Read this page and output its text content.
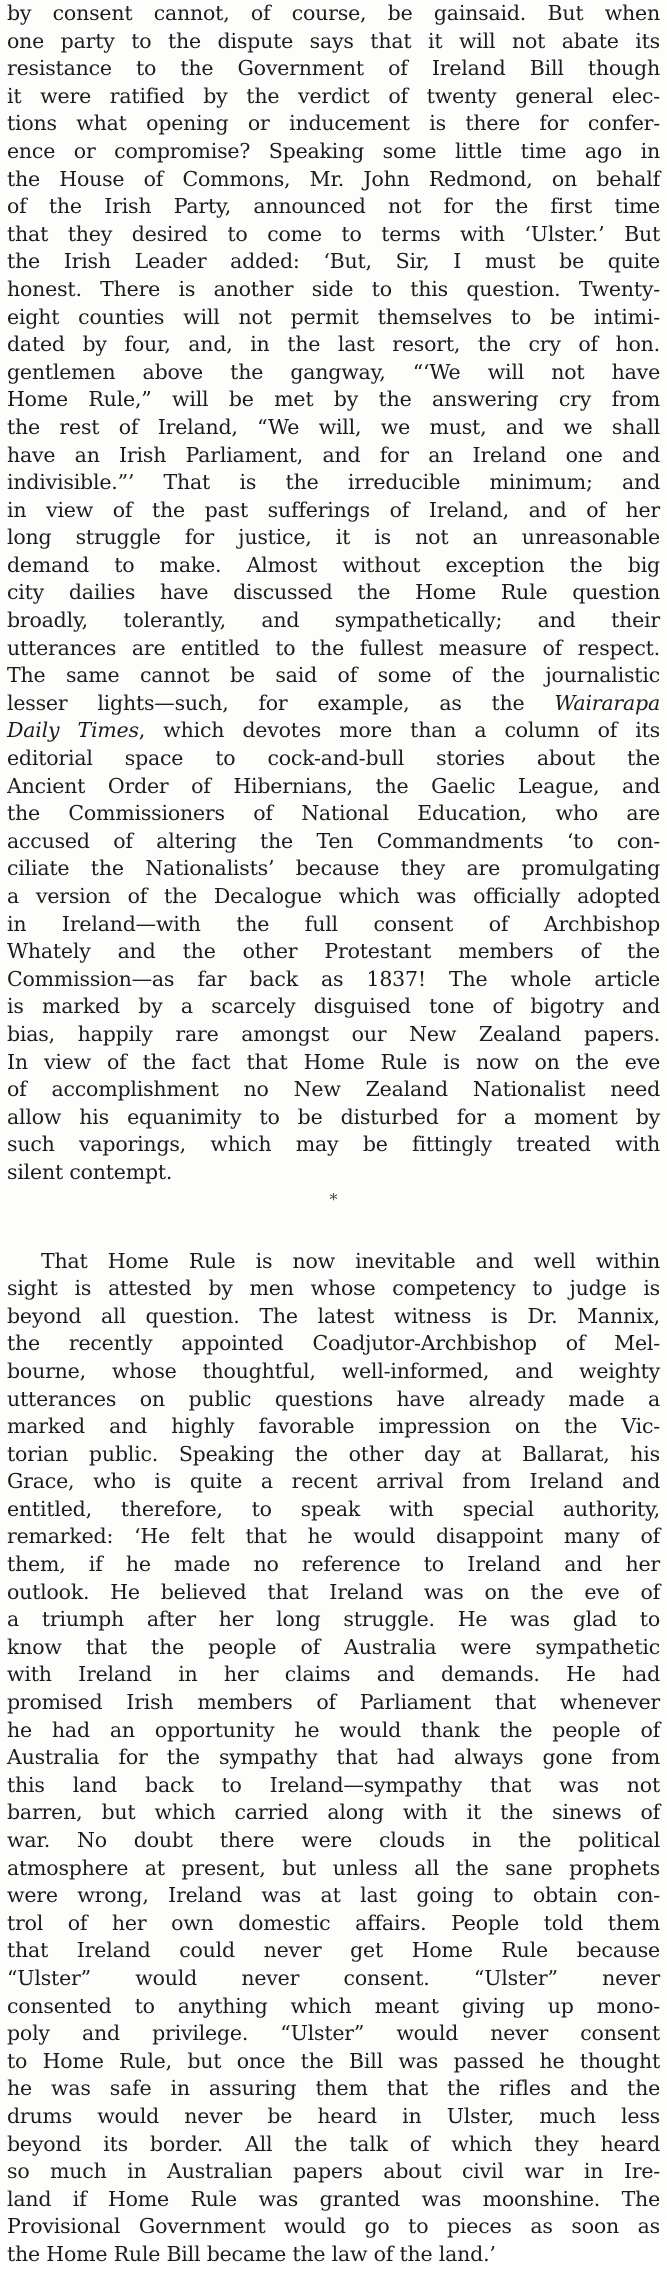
by consent cannot, of course, be gainsaid. But when
one party to the dispute says that it will not abate its
resistance to the Government of Ireland Bill though
it were ratified by the verdict of twenty general elec-
tions what opening or inducement is there for confer-
ence or compromise? Speaking some little time ago in
the House of Commons, Mr. John Redmond, on behalf
of the Irish Party, announced not for the first time
that they desired to come to terms with ‘Ulster.’ But
the Irish Leader added: ‘But, Sir, I must be quite
honest. There is another side to this question. Twenty-
eight counties will not permit themselves to be intimi-
dated by four, and, in the last resort, the cry of hon.
gentlemen above the gangway, “‘We will not have
Home Rule,” will be met by the answering cry from
the rest of Ireland, “We will, we must, and we shall
have an Irish Parliament, and for an Ireland one and
indivisible.”’ That is the irreducible minimum; and
in view of the past sufferings of Ireland, and of her
long struggle for justice, it is not an unreasonable
demand to make. Almost without exception the big
city dailies have discussed the Home Rule question
broadly, tolerantly, and sympathetically; and their
utterances are entitled to the fullest measure of respect.
The same cannot be said of some of the journalistic
lesser lights—such, for example, as the Wairarapa
Daily Times, which devotes more than a column of its
editorial space to cock-and-bull stories about the
Ancient Order of Hibernians, the Gaelic League, and
the Commissioners of National Education, who are
accused of altering the Ten Commandments ‘to con-
ciliate the Nationalists’ because they are promulgating
a version of the Decalogue which was officially adopted
in Ireland—with the full consent of Archbishop
Whately and the other Protestant members of the
Commission—as far back as 1837! The whole article
is marked by a scarcely disguised tone of bigotry and
bias, happily rare amongst our New Zealand papers.
In view of the fact that Home Rule is now on the eve
of accomplishment no New Zealand Nationalist need
allow his equanimity to be disturbed for a moment by
such vaporings, which may be fittingly treated with
silent contempt.
*
That Home Rule is now inevitable and well within
sight is attested by men whose competency to judge is
beyond all question. The latest witness is Dr. Mannix,
the recently appointed Coadjutor-Archbishop of Mel-
bourne, whose thoughtful, well-informed, and weighty
utterances on public questions have already made a
marked and highly favorable impression on the Vic-
torian public. Speaking the other day at Ballarat, his
Grace, who is quite a recent arrival from Ireland and
entitled, therefore, to speak with special authority,
remarked: ‘He felt that he would disappoint many of
them, if he made no reference to Ireland and her
outlook. He believed that Ireland was on the eve of
a triumph after her long struggle. He was glad to
know that the people of Australia were sympathetic
with Ireland in her claims and demands. He had
promised Irish members of Parliament that whenever
he had an opportunity he would thank the people of
Australia for the sympathy that had always gone from
this land back to Ireland—sympathy that was not
barren, but which carried along with it the sinews of
war. No doubt there were clouds in the political
atmosphere at present, but unless all the sane prophets
were wrong, Ireland was at last going to obtain con-
trol of her own domestic affairs. People told them
that Ireland could never get Home Rule because
“Ulster” would never consent. “Ulster” never
consented to anything which meant giving up mono-
poly and privilege. “Ulster” would never consent
to Home Rule, but once the Bill was passed he thought
he was safe in assuring them that the rifles and the
drums would never be heard in Ulster, much less
beyond its border. All the talk of which they heard
so much in Australian papers about civil war in Ire-
land if Home Rule was granted was moonshine. The
Provisional Government would go to pieces as soon as
the Home Rule Bill became the law of the land.’
